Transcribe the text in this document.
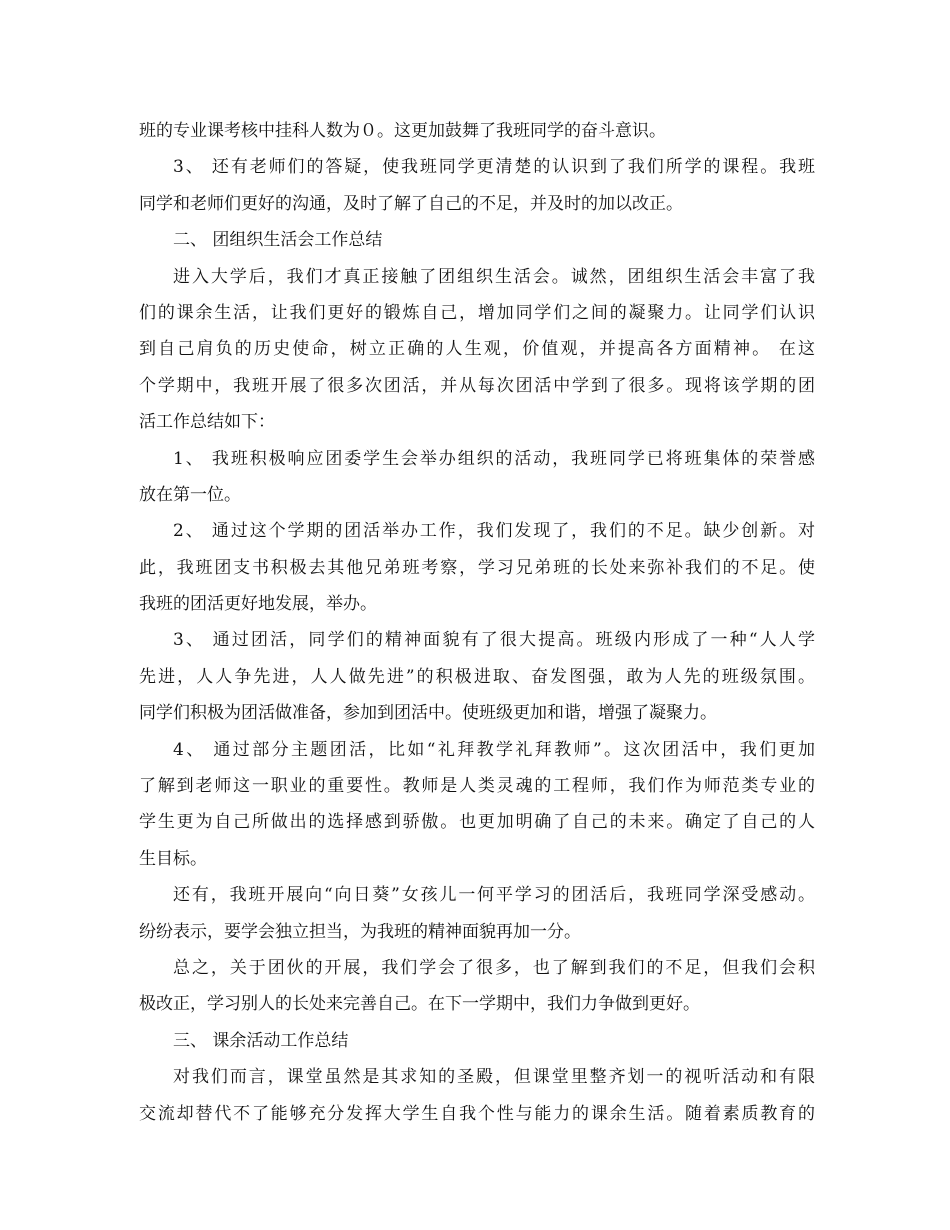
班的专业课考核中挂科人数为０。这更加鼓舞了我班同学的奋斗意识。
3、 还有老师们的答疑，使我班同学更清楚的认识到了我们所学的课程。我班
同学和老师们更好的沟通，及时了解了自己的不足，并及时的加以改正。
二、 团组织生活会工作总结
进入大学后，我们才真正接触了团组织生活会。诚然，团组织生活会丰富了我
们的课余生活，让我们更好的锻炼自己，增加同学们之间的凝聚力。让同学们认识
到自己肩负的历史使命，树立正确的人生观，价值观，并提高各方面精神。 在这
个学期中，我班开展了很多次团活，并从每次团活中学到了很多。现将该学期的团
活工作总结如下：
1、 我班积极响应团委学生会举办组织的活动，我班同学已将班集体的荣誉感
放在第一位。
2、 通过这个学期的团活举办工作，我们发现了，我们的不足。缺少创新。对
此，我班团支书积极去其他兄弟班考察，学习兄弟班的长处来弥补我们的不足。使
我班的团活更好地发展，举办。
3、 通过团活，同学们的精神面貌有了很大提高。班级内形成了一种“人人学
先进，人人争先进，人人做先进”的积极进取、奋发图强，敢为人先的班级氛围。
同学们积极为团活做准备，参加到团活中。使班级更加和谐，增强了凝聚力。
4、 通过部分主题团活，比如“礼拜教学礼拜教师”。这次团活中，我们更加
了解到老师这一职业的重要性。教师是人类灵魂的工程师，我们作为师范类专业的
学生更为自己所做出的选择感到骄傲。也更加明确了自己的未来。确定了自己的人
生目标。
还有，我班开展向“向日葵”女孩儿一何平学习的团活后，我班同学深受感动。
纷纷表示，要学会独立担当，为我班的精神面貌再加一分。
总之，关于团伙的开展，我们学会了很多，也了解到我们的不足，但我们会积
极改正，学习别人的长处来完善自己。在下一学期中，我们力争做到更好。
三、 课余活动工作总结
对我们而言，课堂虽然是其求知的圣殿，但课堂里整齐划一的视听活动和有限
交流却替代不了能够充分发挥大学生自我个性与能力的课余生活。随着素质教育的
